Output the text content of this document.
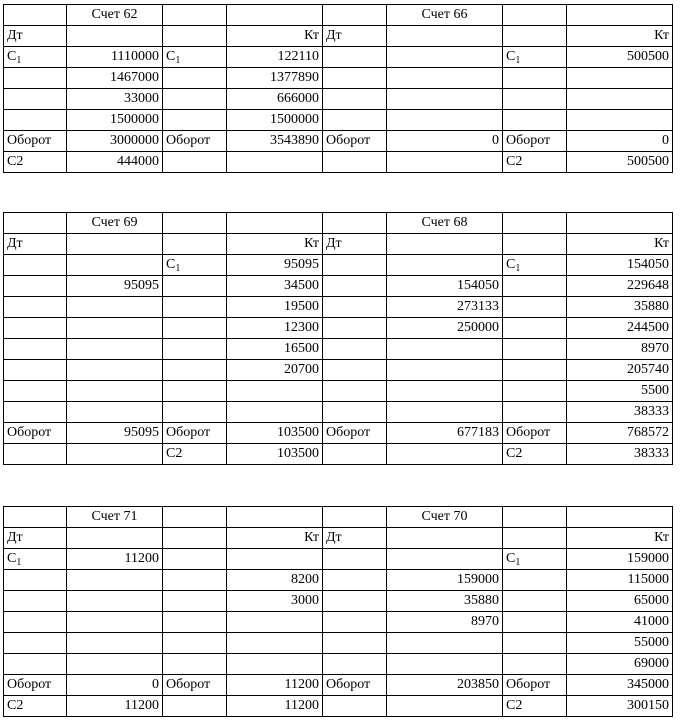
	Счет 62				Счет 66		
Дт			Кт	Дт			Кт
$С_1$	1110000	$С_1$	122110			$С_1$	500500
	1467000		1377890				
	33000		666000				
	1500000		1500000				
Оборот	3000000	Оборот	3543890	Оборот	0	Оборот	0
С2	444000					С2	500500
	Счет 69				Счет 68		
Дт			Кт	Дт			Кт
		$С_1$	95095			$С_1$	154050
	95095		34500		154050		229648
			19500		273133		35880
			12300		250000		244500
			16500				8970
			20700				205740
							5500
							38333
Оборот	95095	Оборот	103500	Оборот	677183	Оборот	768572
		С2	103500			С2	38333
	Счет 71				Счет 70		
Дт			Кт	Дт			Кт
$С_1$	11200					$С_1$	159000
			8200		159000		115000
			3000		35880		65000
					8970		41000
							55000
							69000
Оборот	0	Оборот	11200	Оборот	203850	Оборот	345000
С2	11200		11200			С2	300150
